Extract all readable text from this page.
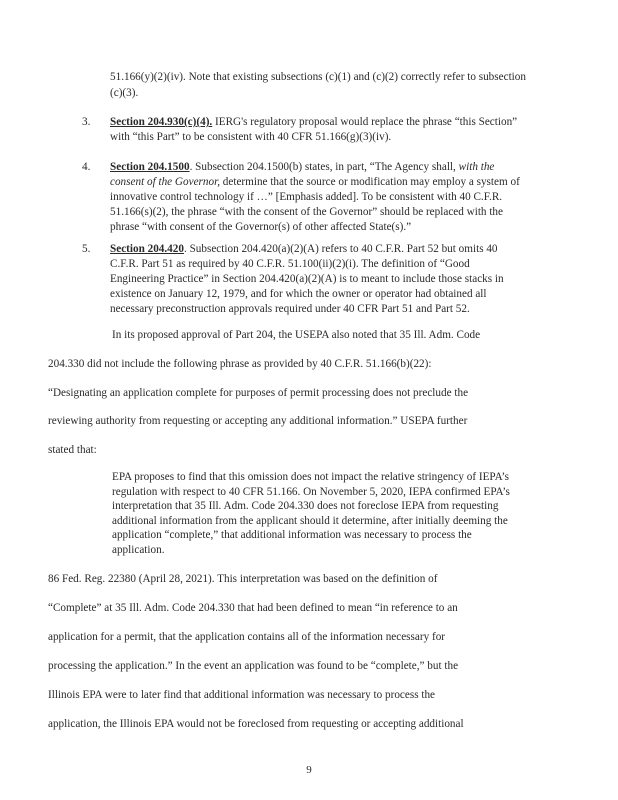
51.166(y)(2)(iv). Note that existing subsections (c)(1) and (c)(2) correctly refer to subsection (c)(3).

3.	Section 204.930(c)(4). IERG's regulatory proposal would replace the phrase “this Section” with “this Part” to be consistent with 40 CFR 51.166(g)(3)(iv).
4.	Section 204.1500. Subsection 204.1500(b) states, in part, “The Agency shall, with the consent of the Governor, determine that the source or modification may employ a system of innovative control technology if …” [Emphasis added]. To be consistent with 40 C.F.R. 51.166(s)(2), the phrase “with the consent of the Governor” should be replaced with the phrase “with consent of the Governor(s) of other affected State(s).”
5.	Section 204.420. Subsection 204.420(a)(2)(A) refers to 40 C.F.R. Part 52 but omits 40 C.F.R. Part 51 as required by 40 C.F.R. 51.100(ii)(2)(i). The definition of “Good Engineering Practice” in Section 204.420(a)(2)(A) is to meant to include those stacks in existence on January 12, 1979, and for which the owner or operator had obtained all necessary preconstruction approvals required under 40 CFR Part 51 and Part 52.
In its proposed approval of Part 204, the USEPA also noted that 35 Ill. Adm. Code
204.330 did not include the following phrase as provided by 40 C.F.R. 51.166(b)(22):
“Designating an application complete for purposes of permit processing does not preclude the
reviewing authority from requesting or accepting any additional information.” USEPA further
stated that:

EPA proposes to find that this omission does not impact the relative stringency of IEPA’s regulation with respect to 40 CFR 51.166. On November 5, 2020, IEPA confirmed EPA’s interpretation that 35 Ill. Adm. Code 204.330 does not foreclose IEPA from requesting additional information from the applicant should it determine, after initially deeming the application “complete,” that additional information was necessary to process the application.

86 Fed. Reg. 22380 (April 28, 2021). This interpretation was based on the definition of
“Complete” at 35 Ill. Adm. Code 204.330 that had been defined to mean “in reference to an
application for a permit, that the application contains all of the information necessary for
processing the application.” In the event an application was found to be “complete,” but the
Illinois EPA were to later find that additional information was necessary to process the
application, the Illinois EPA would not be foreclosed from requesting or accepting additional
9
